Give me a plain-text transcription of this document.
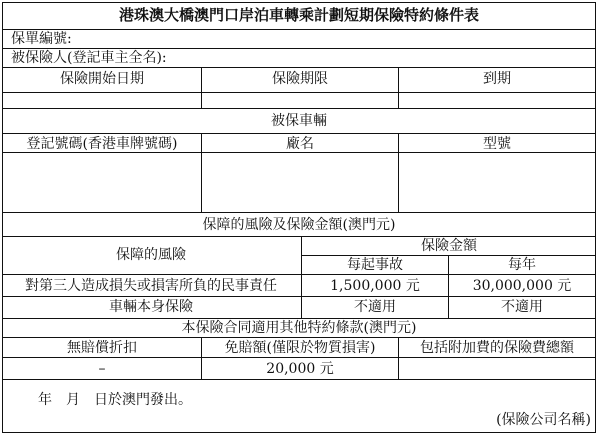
港珠澳大橋澳門口岸泊車轉乘計劃短期保險特約條件表
保單編號:
被保險人(登記車主全名):
保險開始日期	保險期限	到期
被保車輛
登記號碼(香港車牌號碼)	廠名	型號
保障的風險及保險金額(澳門元)
保障的風險
保險金額
每起事故	每年
對第三人造成損失或損害所負的民事責任	1,500,000 元	30,000,000 元
車輛本身保險	不適用	不適用
本保險合同適用其他特約條款(澳門元)
無賠償折扣	免賠額(僅限於物質損害)	包括附加費的保險費總額
–	20,000 元
年　月　日於澳門發出。
(保險公司名稱)
